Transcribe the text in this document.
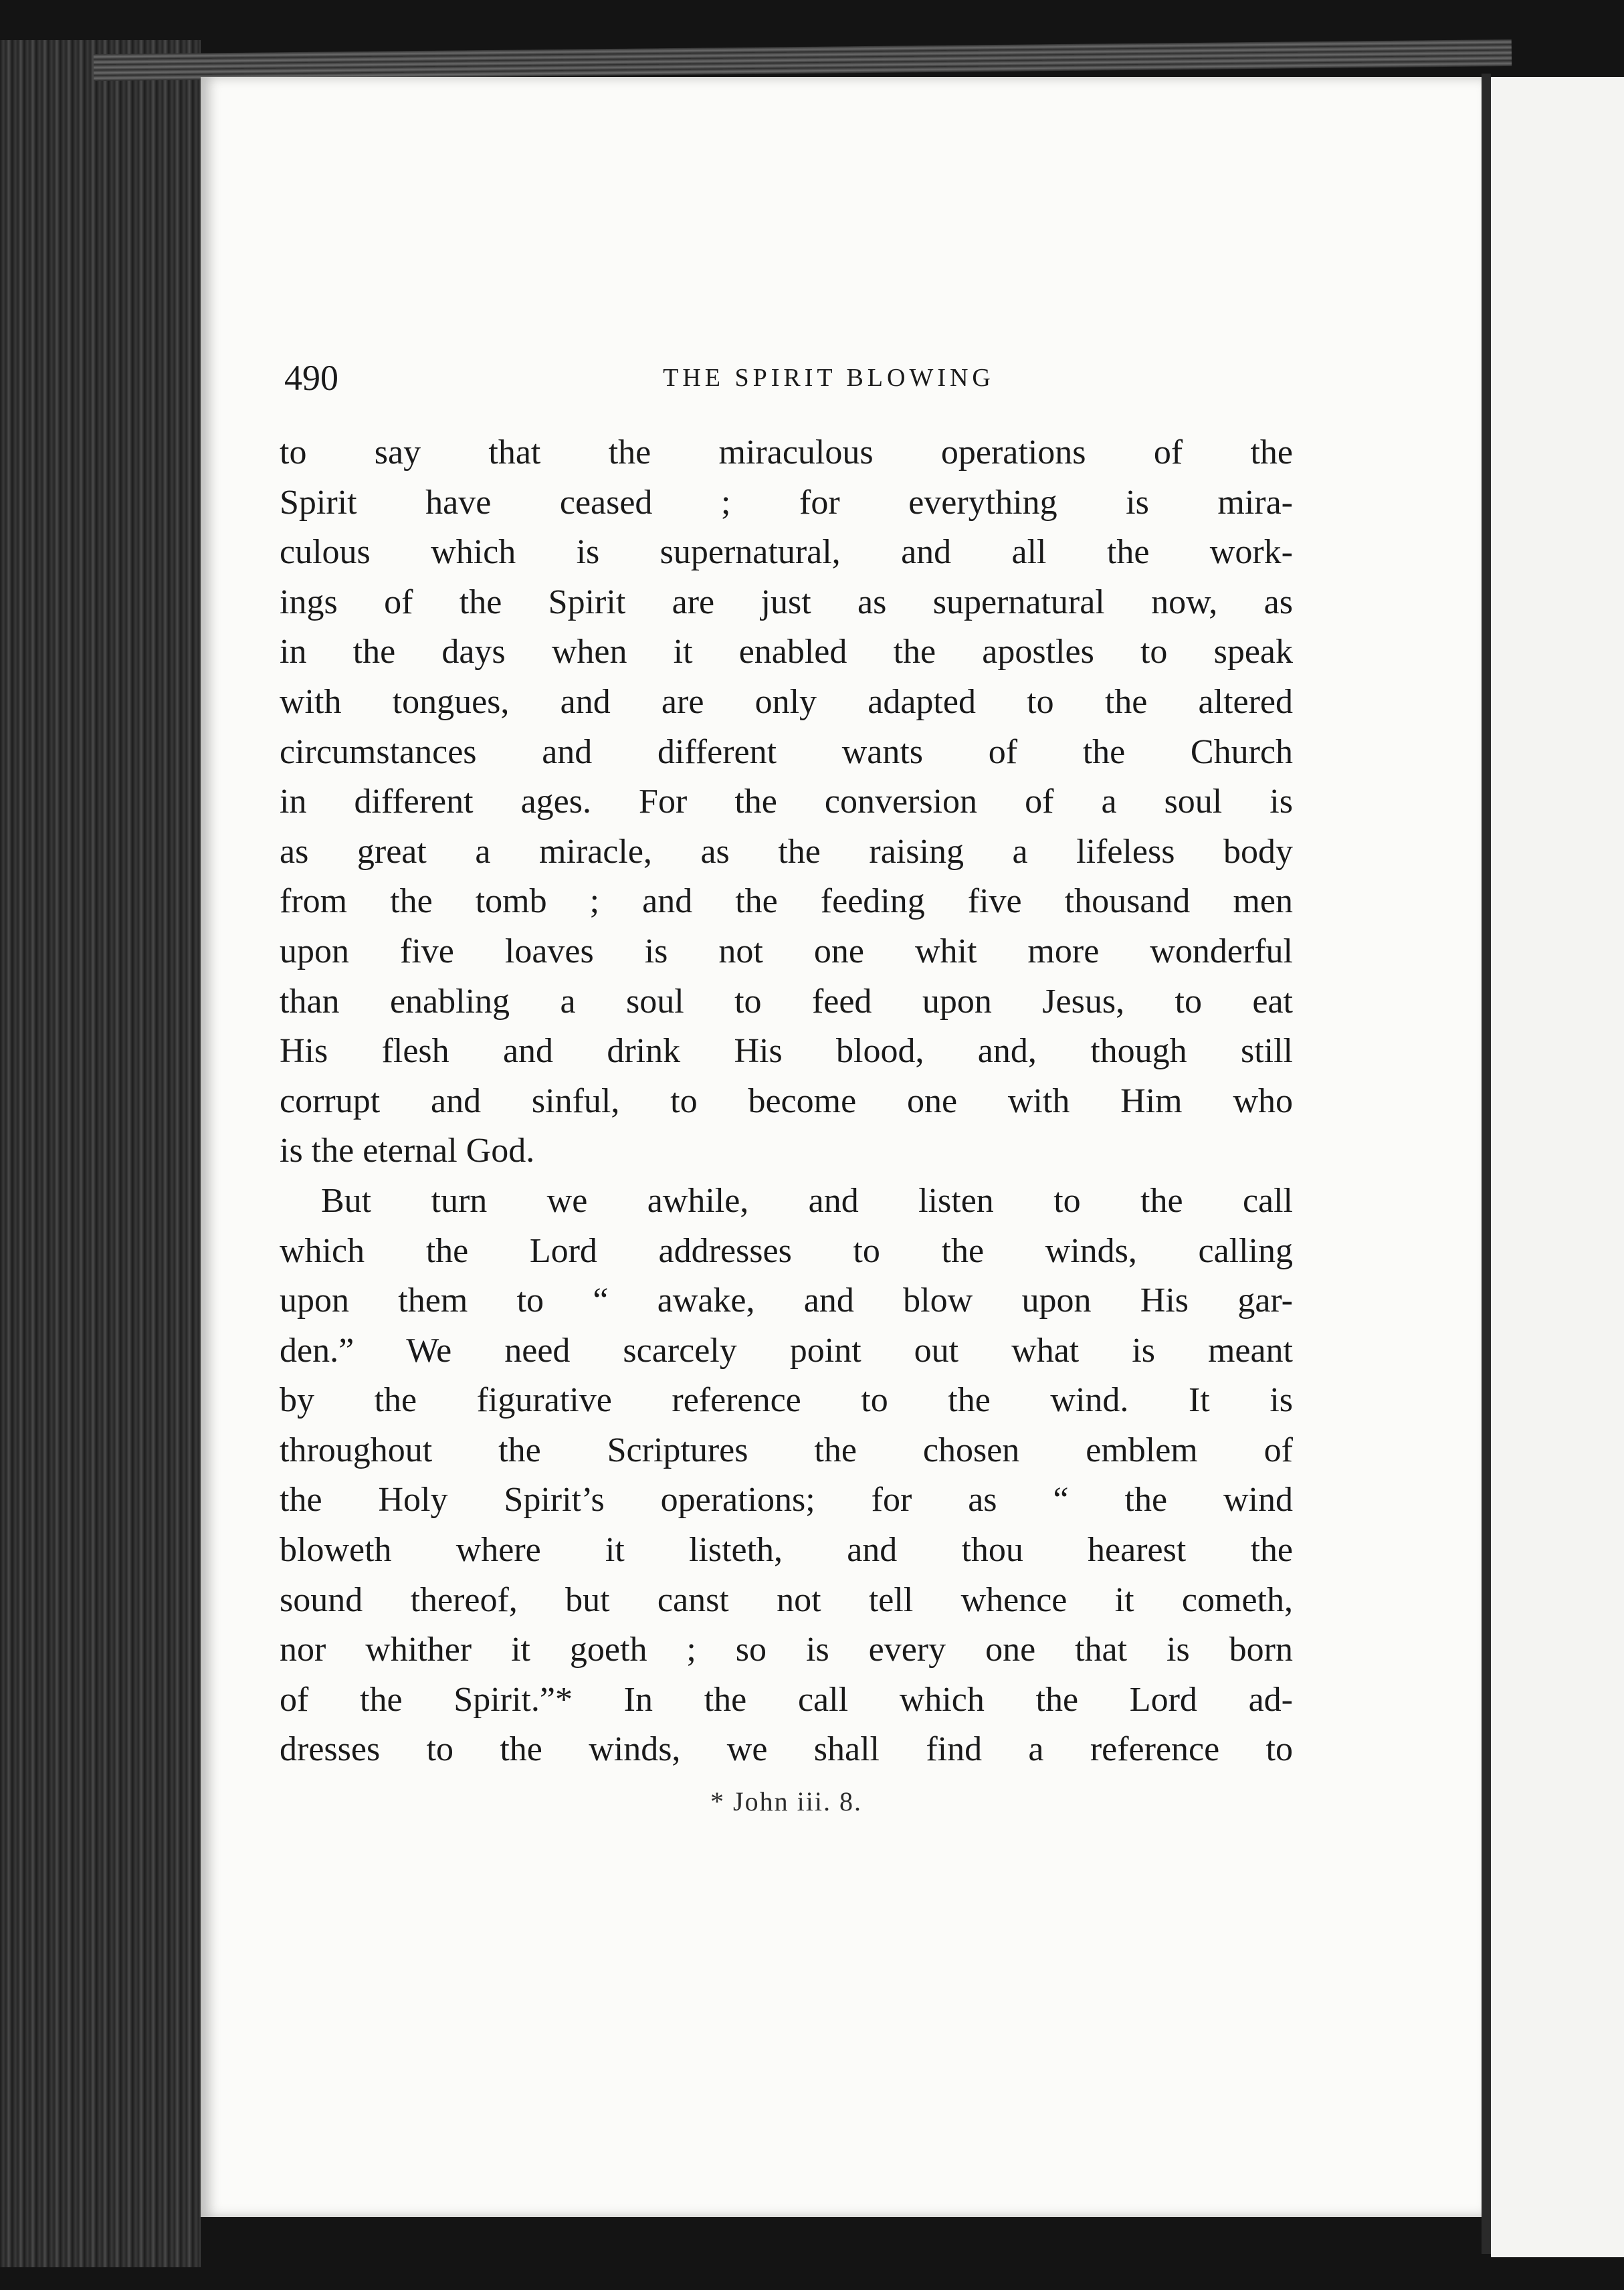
490	THE SPIRIT BLOWING
to say that the miraculous operations of the
Spirit have ceased ; for everything is mira-
culous which is supernatural, and all the work-
ings of the Spirit are just as supernatural now, as
in the days when it enabled the apostles to speak
with tongues, and are only adapted to the altered
circumstances and different wants of the Church
in different ages. For the conversion of a soul is
as great a miracle, as the raising a lifeless body
from the tomb ; and the feeding five thousand men
upon five loaves is not one whit more wonderful
than enabling a soul to feed upon Jesus, to eat
His flesh and drink His blood, and, though still
corrupt and sinful, to become one with Him who
is the eternal God.
But turn we awhile, and listen to the call
which the Lord addresses to the winds, calling
upon them to “ awake, and blow upon His gar-
den.” We need scarcely point out what is meant
by the figurative reference to the wind. It is
throughout the Scriptures the chosen emblem of
the Holy Spirit’s operations; for as “ the wind
bloweth where it listeth, and thou hearest the
sound thereof, but canst not tell whence it cometh,
nor whither it goeth ; so is every one that is born
of the Spirit.”* In the call which the Lord ad-
dresses to the winds, we shall find a reference to
* John iii. 8.
